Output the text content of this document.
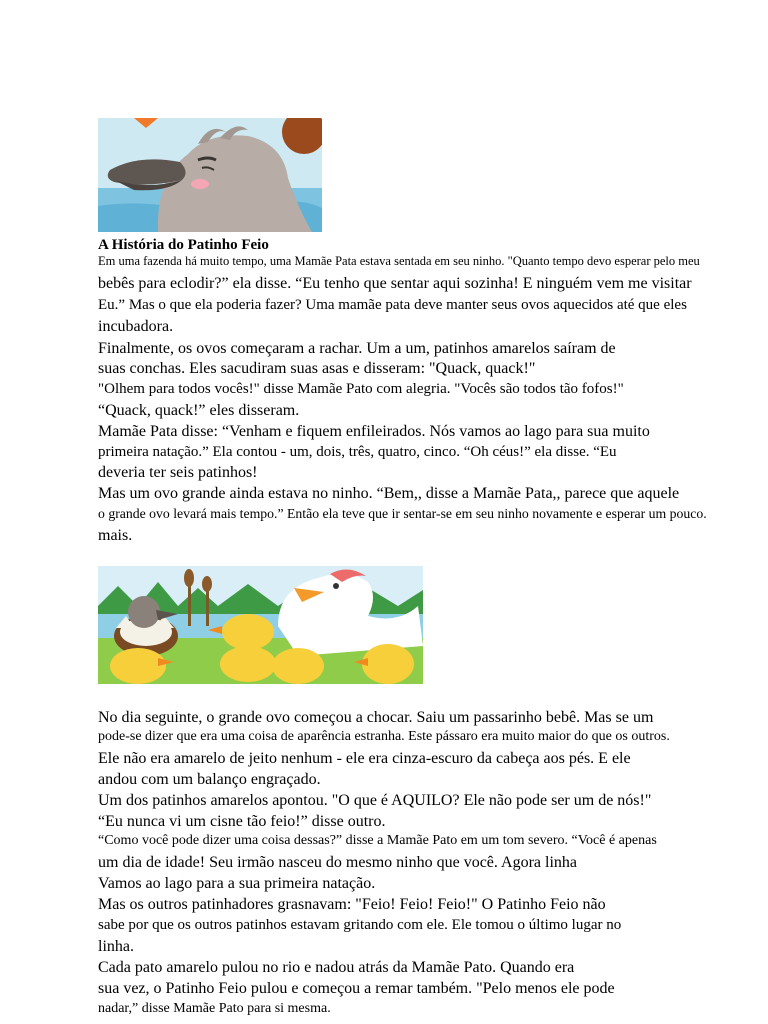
A História do Patinho Feio
Em uma fazenda há muito tempo, uma Mamãe Pata estava sentada em seu ninho. "Quanto tempo devo esperar pelo meu
bebês para eclodir?” ela disse. “Eu tenho que sentar aqui sozinha! E ninguém vem me visitar
Eu.” Mas o que ela poderia fazer? Uma mamãe pata deve manter seus ovos aquecidos até que eles
incubadora.
Finalmente, os ovos começaram a rachar. Um a um, patinhos amarelos saíram de
suas conchas. Eles sacudiram suas asas e disseram: "Quack, quack!"
"Olhem para todos vocês!" disse Mamãe Pato com alegria. "Vocês são todos tão fofos!"
“Quack, quack!” eles disseram.
Mamãe Pata disse: “Venham e fiquem enfileirados. Nós vamos ao lago para sua muito
primeira natação.” Ela contou - um, dois, três, quatro, cinco. “Oh céus!” ela disse. “Eu
deveria ter seis patinhos!
Mas um ovo grande ainda estava no ninho. “Bem,, disse a Mamãe Pata,, parece que aquele
o grande ovo levará mais tempo.” Então ela teve que ir sentar-se em seu ninho novamente e esperar um pouco.
mais.
No dia seguinte, o grande ovo começou a chocar. Saiu um passarinho bebê. Mas se um
pode-se dizer que era uma coisa de aparência estranha. Este pássaro era muito maior do que os outros.
Ele não era amarelo de jeito nenhum - ele era cinza-escuro da cabeça aos pés. E ele
andou com um balanço engraçado.
Um dos patinhos amarelos apontou. "O que é AQUILO? Ele não pode ser um de nós!"
“Eu nunca vi um cisne tão feio!” disse outro.
“Como você pode dizer uma coisa dessas?” disse a Mamãe Pato em um tom severo. “Você é apenas
um dia de idade! Seu irmão nasceu do mesmo ninho que você. Agora linha
Vamos ao lago para a sua primeira natação.
Mas os outros patinhadores grasnavam: "Feio! Feio! Feio!" O Patinho Feio não
sabe por que os outros patinhos estavam gritando com ele. Ele tomou o último lugar no
linha.
Cada pato amarelo pulou no rio e nadou atrás da Mamãe Pato. Quando era
sua vez, o Patinho Feio pulou e começou a remar também. "Pelo menos ele pode
nadar,” disse Mamãe Pato para si mesma.
